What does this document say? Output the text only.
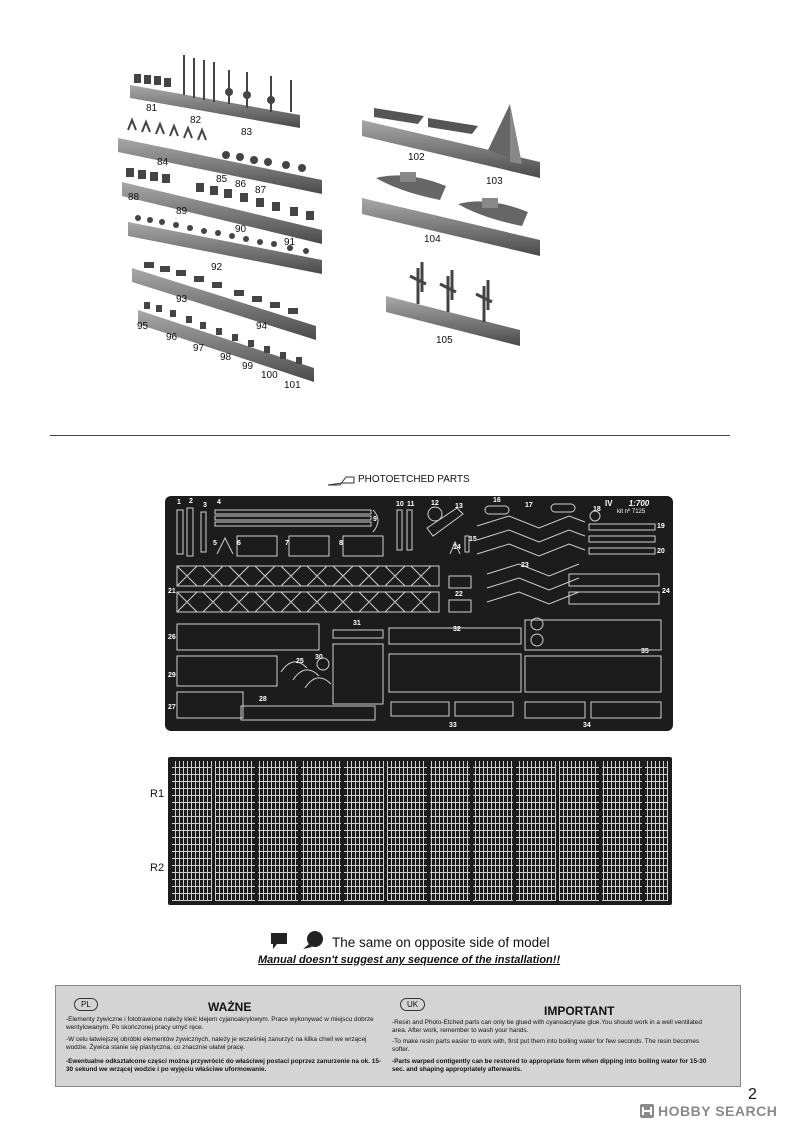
81
82
83
84
85 86
87
88
89
90
91
92
93
94
95
96
97
98
99
100
101
102
103
104
105
PHOTOETCHED PARTS
IV 1:700
kit nº 7125
1 2
3 4
5	6	7	8
9
10 11 12 13
14
15
16
17
18
19
20
21	22
23
24
25
26
27
28
29
30
31
32
33	34
35
R1
R2
The same on opposite side of model
Manual doesn't suggest any sequence of the installation!!
PL	WAŻNE
-Elementy żywiczne i fototrawione należy kleić klejem cyjanoakrylowym. Prace wykonywać w miejscu dobrze wentylowanym. Po skończonej pracy umyć ręce.
-W celu łatwiejszej obróbki elementów żywicznych, należy je wcześniej zanurzyć na kilka chwil we wrzącej wodzie. Żywica stanie się plastyczna, co znacznie ułatwi pracę.
-Ewentualne odkształcone części można przywrócić do właściwej postaci poprzez zanurzenie na ok. 15-30 sekund we wrzącej wodzie i po wyjęciu właściwe uformowanie.
UK	IMPORTANT
-Resin and Photo-Etched parts can only be glued with cyanoacrylate glue.You should work in a well ventilated area. After work, remember to wash your hands.
-To make resin parts easier to work with, first put them into boiling water for few seconds. The resin becomes softer.
-Parts warped contigently can be restored to appropriate form when dipping into boiling water for 15-30 sec. and shaping appropriately afterwards.
2
HOBBY SEARCH
